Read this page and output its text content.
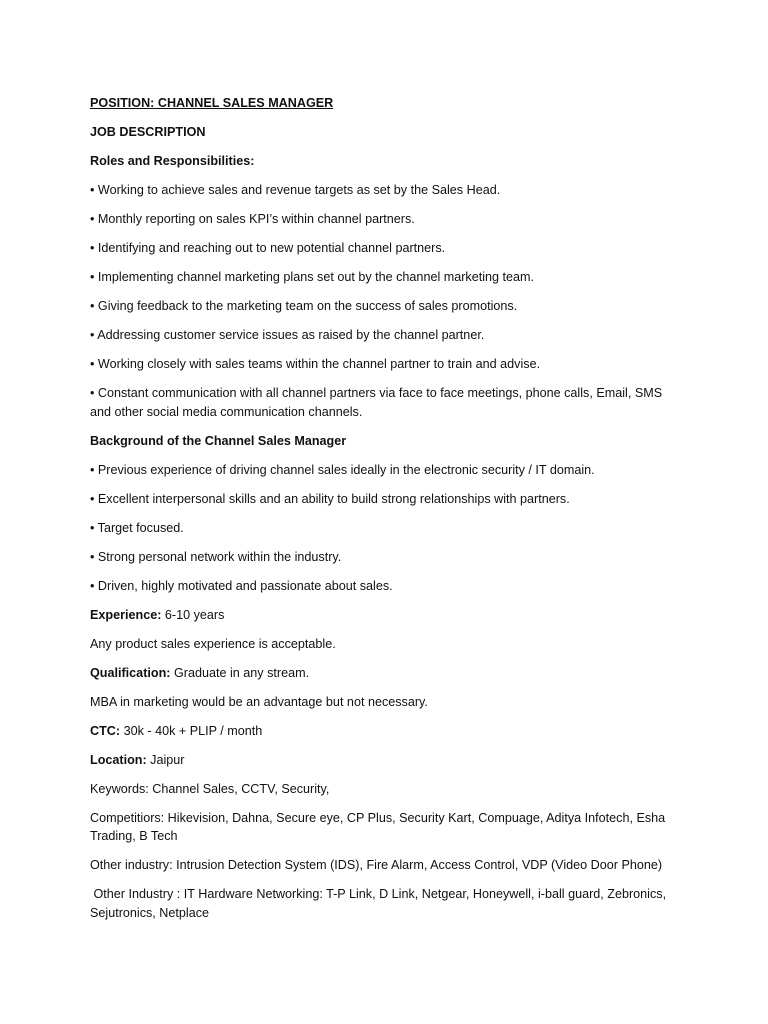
POSITION: CHANNEL SALES MANAGER
JOB DESCRIPTION
Roles and Responsibilities:
• Working to achieve sales and revenue targets as set by the Sales Head.
• Monthly reporting on sales KPI’s within channel partners.
• Identifying and reaching out to new potential channel partners.
• Implementing channel marketing plans set out by the channel marketing team.
• Giving feedback to the marketing team on the success of sales promotions.
• Addressing customer service issues as raised by the channel partner.
• Working closely with sales teams within the channel partner to train and advise.
• Constant communication with all channel partners via face to face meetings, phone calls, Email, SMS and other social media communication channels.
Background of the Channel Sales Manager
• Previous experience of driving channel sales ideally in the electronic security / IT domain.
• Excellent interpersonal skills and an ability to build strong relationships with partners.
• Target focused.
• Strong personal network within the industry.
• Driven, highly motivated and passionate about sales.
Experience: 6-10 years
Any product sales experience is acceptable.
Qualification: Graduate in any stream.
MBA in marketing would be an advantage but not necessary.
CTC: 30k - 40k + PLIP / month
Location: Jaipur
Keywords: Channel Sales, CCTV, Security,
Competitiors: Hikevision, Dahna, Secure eye, CP Plus, Security Kart, Compuage, Aditya Infotech, Esha Trading, B Tech
Other industry: Intrusion Detection System (IDS), Fire Alarm, Access Control, VDP (Video Door Phone)
Other Industry : IT Hardware Networking: T-P Link, D Link, Netgear, Honeywell, i-ball guard, Zebronics, Sejutronics, Netplace
